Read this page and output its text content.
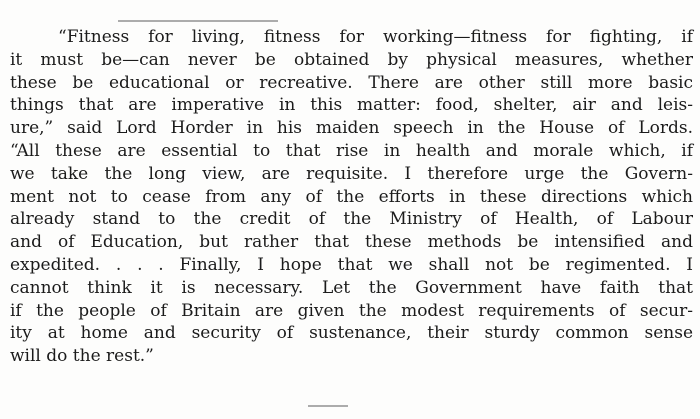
“Fitness for living, fitness for working—fitness for fighting, if
it must be—can never be obtained by physical measures, whether
these be educational or recreative. There are other still more basic
things that are imperative in this matter: food, shelter, air and leis-
ure,” said Lord Horder in his maiden speech in the House of Lords.
“All these are essential to that rise in health and morale which, if
we take the long view, are requisite. I therefore urge the Govern-
ment not to cease from any of the efforts in these directions which
already stand to the credit of the Ministry of Health, of Labour
and of Education, but rather that these methods be intensified and
expedited. . . . Finally, I hope that we shall not be regimented. I
cannot think it is necessary. Let the Government have faith that
if the people of Britain are given the modest requirements of secur-
ity at home and security of sustenance, their sturdy common sense
will do the rest.”
